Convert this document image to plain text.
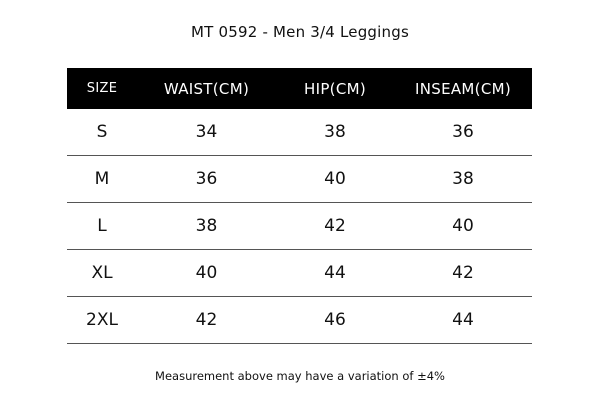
MT 0592 - Men 3/4 Leggings
SIZE	WAIST(CM)	HIP(CM)	INSEAM(CM)
S	34	38	36
M	36	40	38
L	38	42	40
XL	40	44	42
2XL	42	46	44
Measurement above may have a variation of ±4%
